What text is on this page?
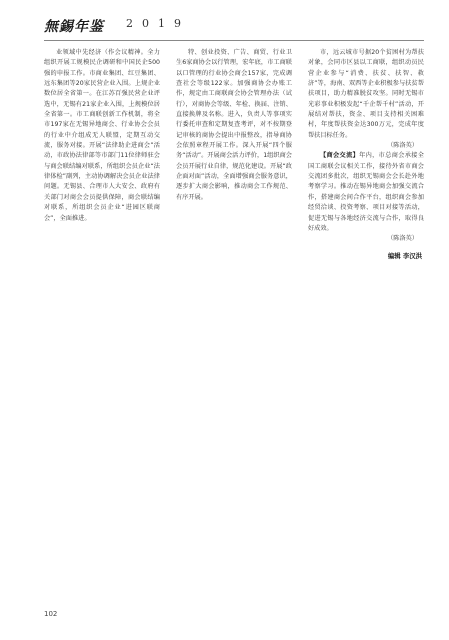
無錫年鉴 2019

业领域中先经济（作会议精神。全力组织开展工规模民企调研和中国民企500强的申报工作。市商业集团、红豆集团、远东集团等20家民营企业入围。上规企业数位居全省第一。在江苏百强民营企业评选中，无锡有21家企业入围，上规模位居全省第一。市工商联创新工作机制，将全市197家在无锡异地商会、行业协会会员的行业中介组成无人联盟，定期互动交流，服务对接。开展“法律助企进商会”活动，市政协法律部等市部门11位律师驻会与商会联结编对联系，所组织会员企业“法律体检”副列，主动协调解决会员企业法律问题。无锡县、合理市人大安会、政府有关部门对商会会员提供保障，商会联结编对联系，所组织会员企业“进园区联商会”，全面推进。

特、创业投资、广告、商贸、行业卫生6家商协会以行管理，宏年底，市工商联以口管理的行业协会商会157家，完成调查社会等级122家。加强商协会办账工作，规定由工商联商会协会管理办法（试行），对商协会等级、年检、换届、注销、直接换牌及名称。进入，负责人等事项实行委托审查和定期复查考评，对不按期登记审核的商协会提出中报整改，指导商协会依照章程开展工作。深入开展“四个服务“活动”。开展商会活力评价，1组织商会会员开展行业自律，规范化建设。开展“政企面对面”活动，全面增强商会服务意识，逐步扩大商会影响，推动商会工作规范、有序开展。

市，远云城市号据20个贫困村为帮扶对象，会同市区县以工商联，组织动员民营企业参与“消费、扶贫、扶智、救济”等，海南、双西等企业积极参与扶贫帮扶项目，助力精准脱贫攻坚。同时无锡市光彩事业积极发起“千企帮千村”活动，开展结对帮扶，资金、项目支持相关困难村，年度帮扶资金达300万元，完成年度帮扶目标任务。

（陈洛英）

【商会交流】年内，市总商会承接全国工商联会议相关工作，接待外省市商会交流团多批次，组织无锡商会会长赴外地考察学习。推动在锡异地商会加强交流合作，搭建商会间合作平台，组织商会参加经贸洽谈、投资考察、项目对接等活动，促进无锡与各地经济交流与合作，取得良好成效。

（陈洛英）
编辑 李汉洪
102
